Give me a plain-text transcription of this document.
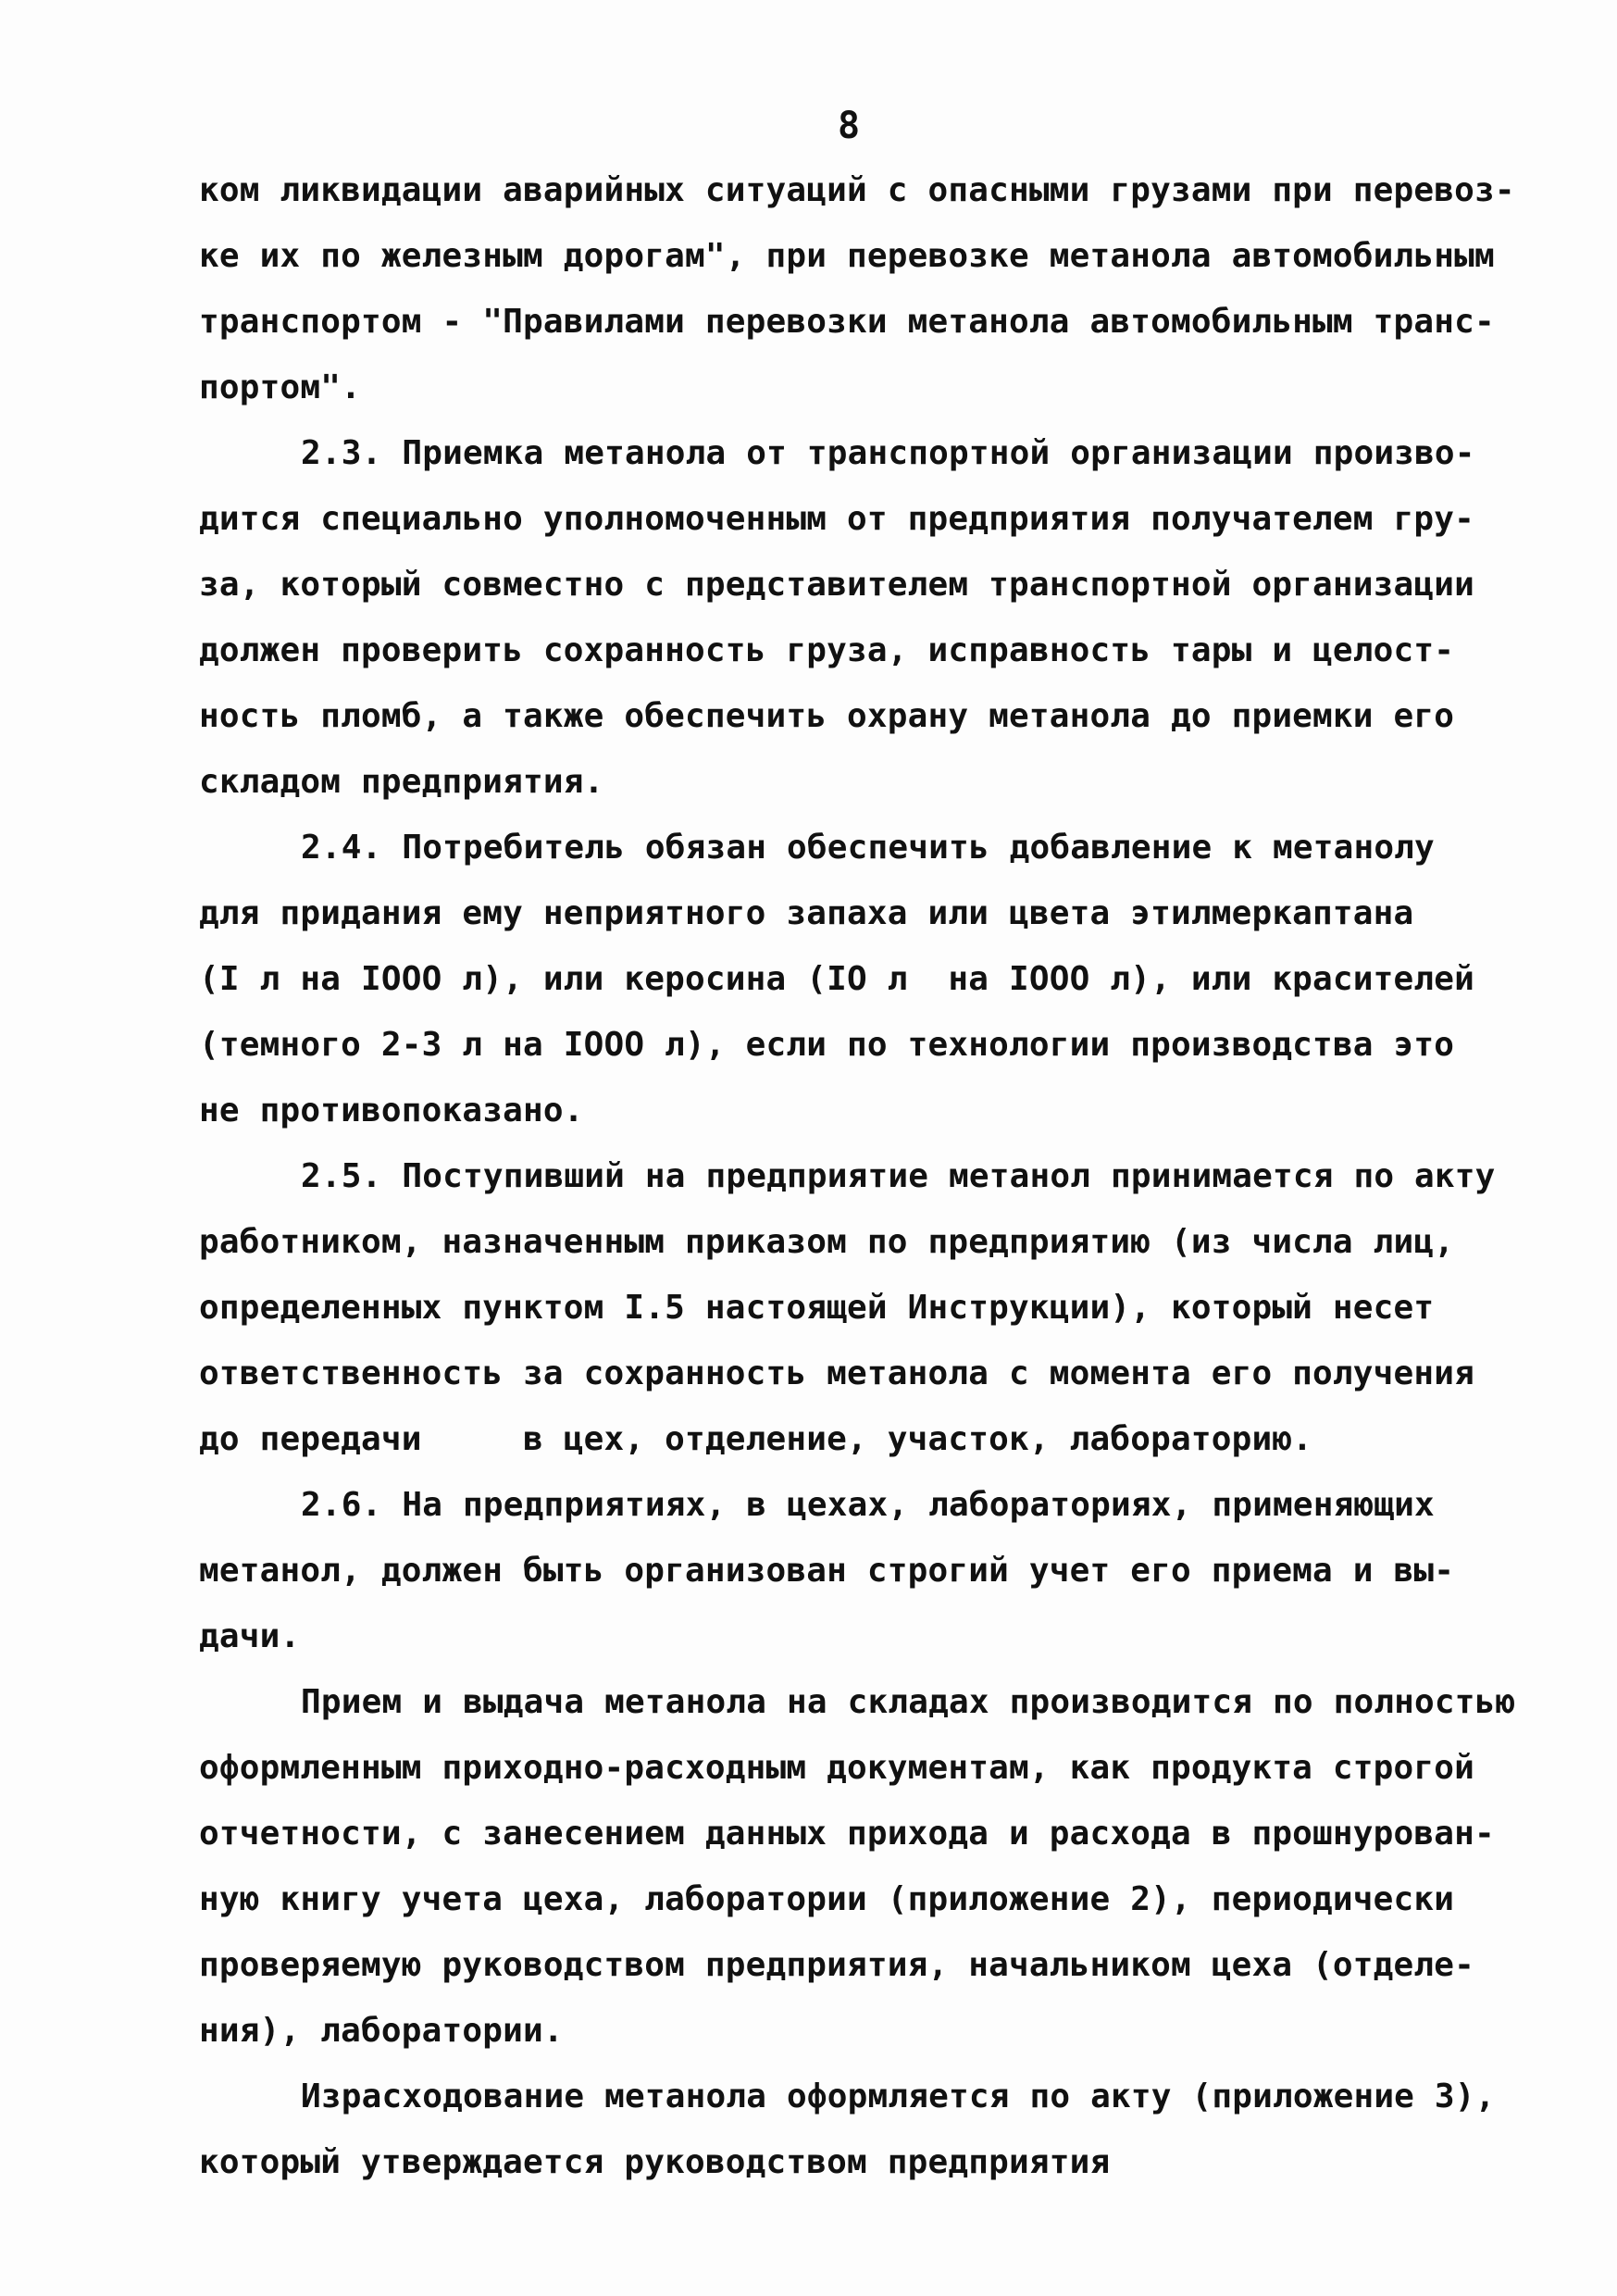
8
ком ликвидации аварийных ситуаций с опасными грузами при перевоз-
ке их по железным дорогам", при перевозке метанола автомобильным
транспортом - "Правилами перевозки метанола автомобильным транс-
портом".
2.3. Приемка метанола от транспортной организации произво-
дится специально уполномоченным от предприятия получателем гру-
за, который совместно с представителем транспортной организации
должен проверить сохранность груза, исправность тары и целост-
ность пломб, а также обеспечить охрану метанола до приемки его
складом предприятия.
2.4. Потребитель обязан обеспечить добавление к метанолу
для придания ему неприятного запаха или цвета этилмеркаптана
(I л на IOOO л), или керосина (IO л  на IOOO л), или красителей
(темного 2-3 л на IOOO л), если по технологии производства это
не противопоказано.
2.5. Поступивший на предприятие метанол принимается по акту
работником, назначенным приказом по предприятию (из числа лиц,
определенных пунктом I.5 настоящей Инструкции), который несет
ответственность за сохранность метанола с момента его получения
до передачи     в цех, отделение, участок, лабораторию.
2.6. На предприятиях, в цехах, лабораториях, применяющих
метанол, должен быть организован строгий учет его приема и вы-
дачи.
Прием и выдача метанола на складах производится по полностью
оформленным приходно-расходным документам, как продукта строгой
отчетности, с занесением данных прихода и расхода в прошнурован-
ную книгу учета цеха, лаборатории (приложение 2), периодически
проверяемую руководством предприятия, начальником цеха (отделе-
ния), лаборатории.
Израсходование метанола оформляется по акту (приложение 3),
который утверждается руководством предприятия
